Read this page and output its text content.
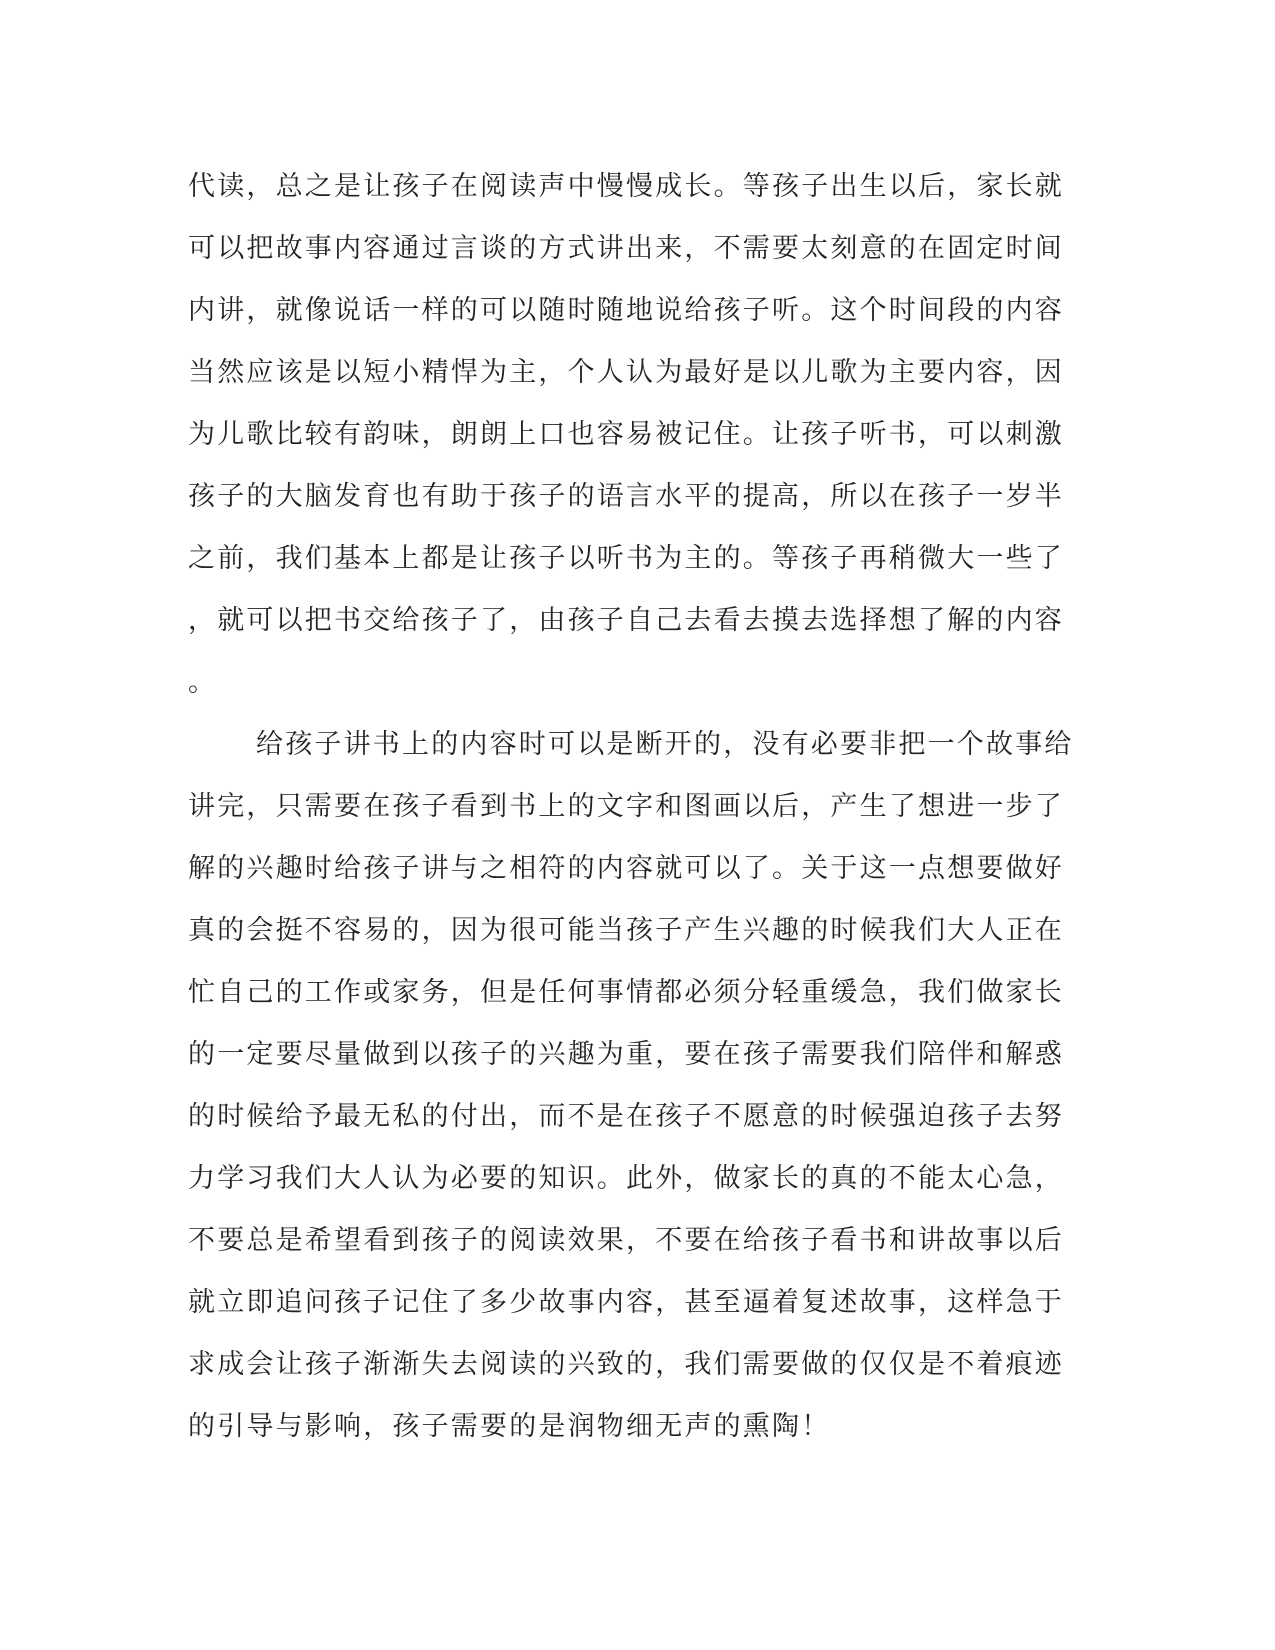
代读，总之是让孩子在阅读声中慢慢成长。等孩子出生以后，家长就
可以把故事内容通过言谈的方式讲出来，不需要太刻意的在固定时间
内讲，就像说话一样的可以随时随地说给孩子听。这个时间段的内容
当然应该是以短小精悍为主，个人认为最好是以儿歌为主要内容，因
为儿歌比较有韵味，朗朗上口也容易被记住。让孩子听书，可以刺激
孩子的大脑发育也有助于孩子的语言水平的提高，所以在孩子一岁半
之前，我们基本上都是让孩子以听书为主的。等孩子再稍微大一些了
，就可以把书交给孩子了，由孩子自己去看去摸去选择想了解的内容
。
给孩子讲书上的内容时可以是断开的，没有必要非把一个故事给
讲完，只需要在孩子看到书上的文字和图画以后，产生了想进一步了
解的兴趣时给孩子讲与之相符的内容就可以了。关于这一点想要做好
真的会挺不容易的，因为很可能当孩子产生兴趣的时候我们大人正在
忙自己的工作或家务，但是任何事情都必须分轻重缓急，我们做家长
的一定要尽量做到以孩子的兴趣为重，要在孩子需要我们陪伴和解惑
的时候给予最无私的付出，而不是在孩子不愿意的时候强迫孩子去努
力学习我们大人认为必要的知识。此外，做家长的真的不能太心急，
不要总是希望看到孩子的阅读效果，不要在给孩子看书和讲故事以后
就立即追问孩子记住了多少故事内容，甚至逼着复述故事，这样急于
求成会让孩子渐渐失去阅读的兴致的，我们需要做的仅仅是不着痕迹
的引导与影响，孩子需要的是润物细无声的熏陶！
